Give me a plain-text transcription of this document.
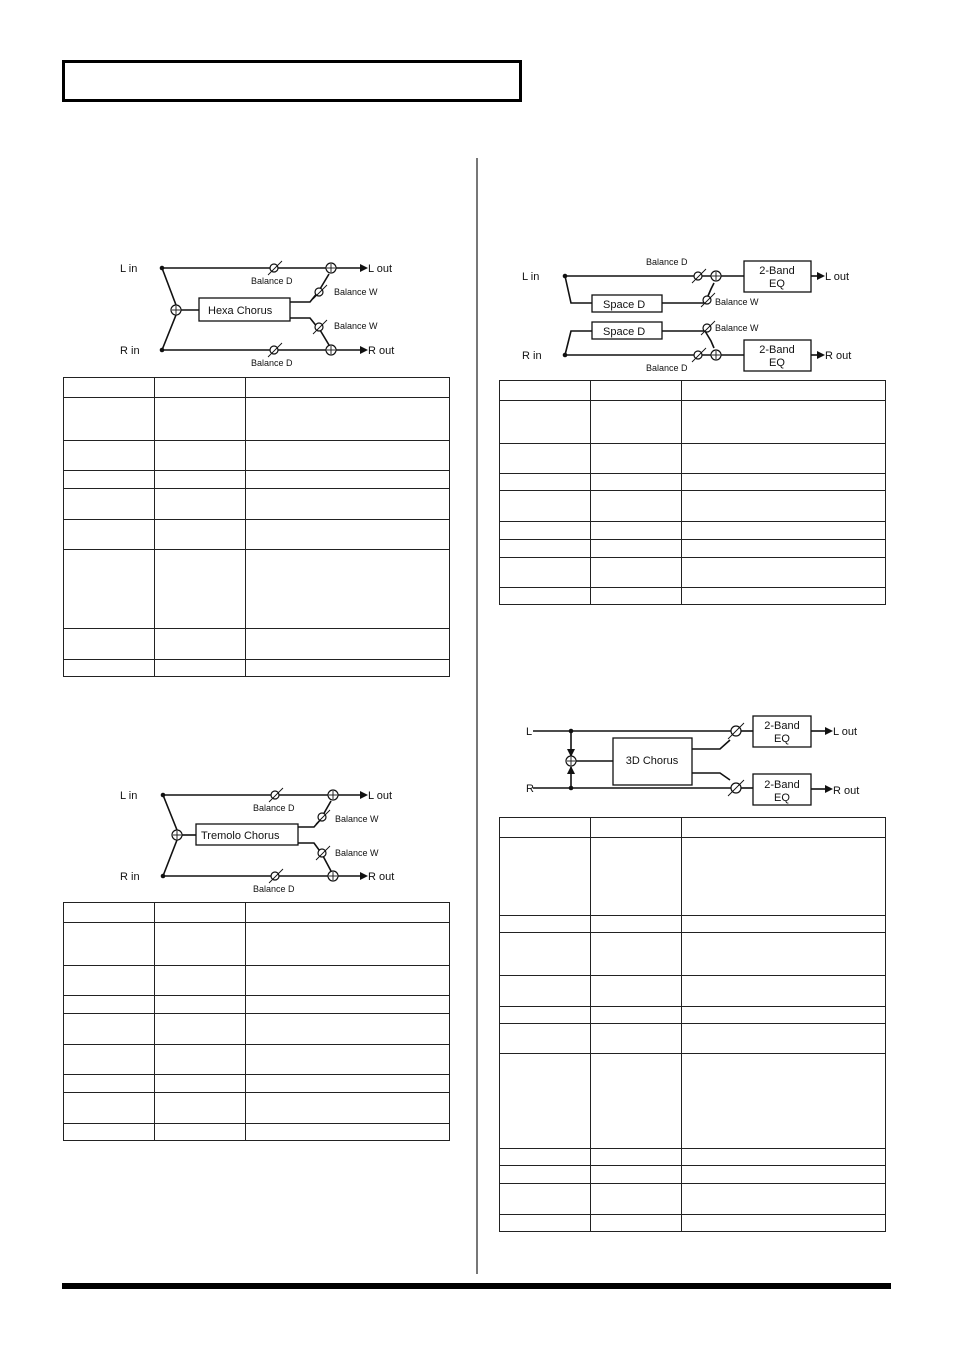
L in
R in
L out
R out
Hexa Chorus
Balance D
Balance W
Balance W
Balance D
L in
R in
L out
R out
Tremolo Chorus
Balance D
Balance W
Balance W
Balance D
L in
R in
L out
R out
Space D
Space D
2-Band
EQ
2-Band
EQ
Balance D
Balance W
Balance W
Balance D
L
R
L out
R out
3D Chorus
2-Band
EQ
2-Band
EQ
